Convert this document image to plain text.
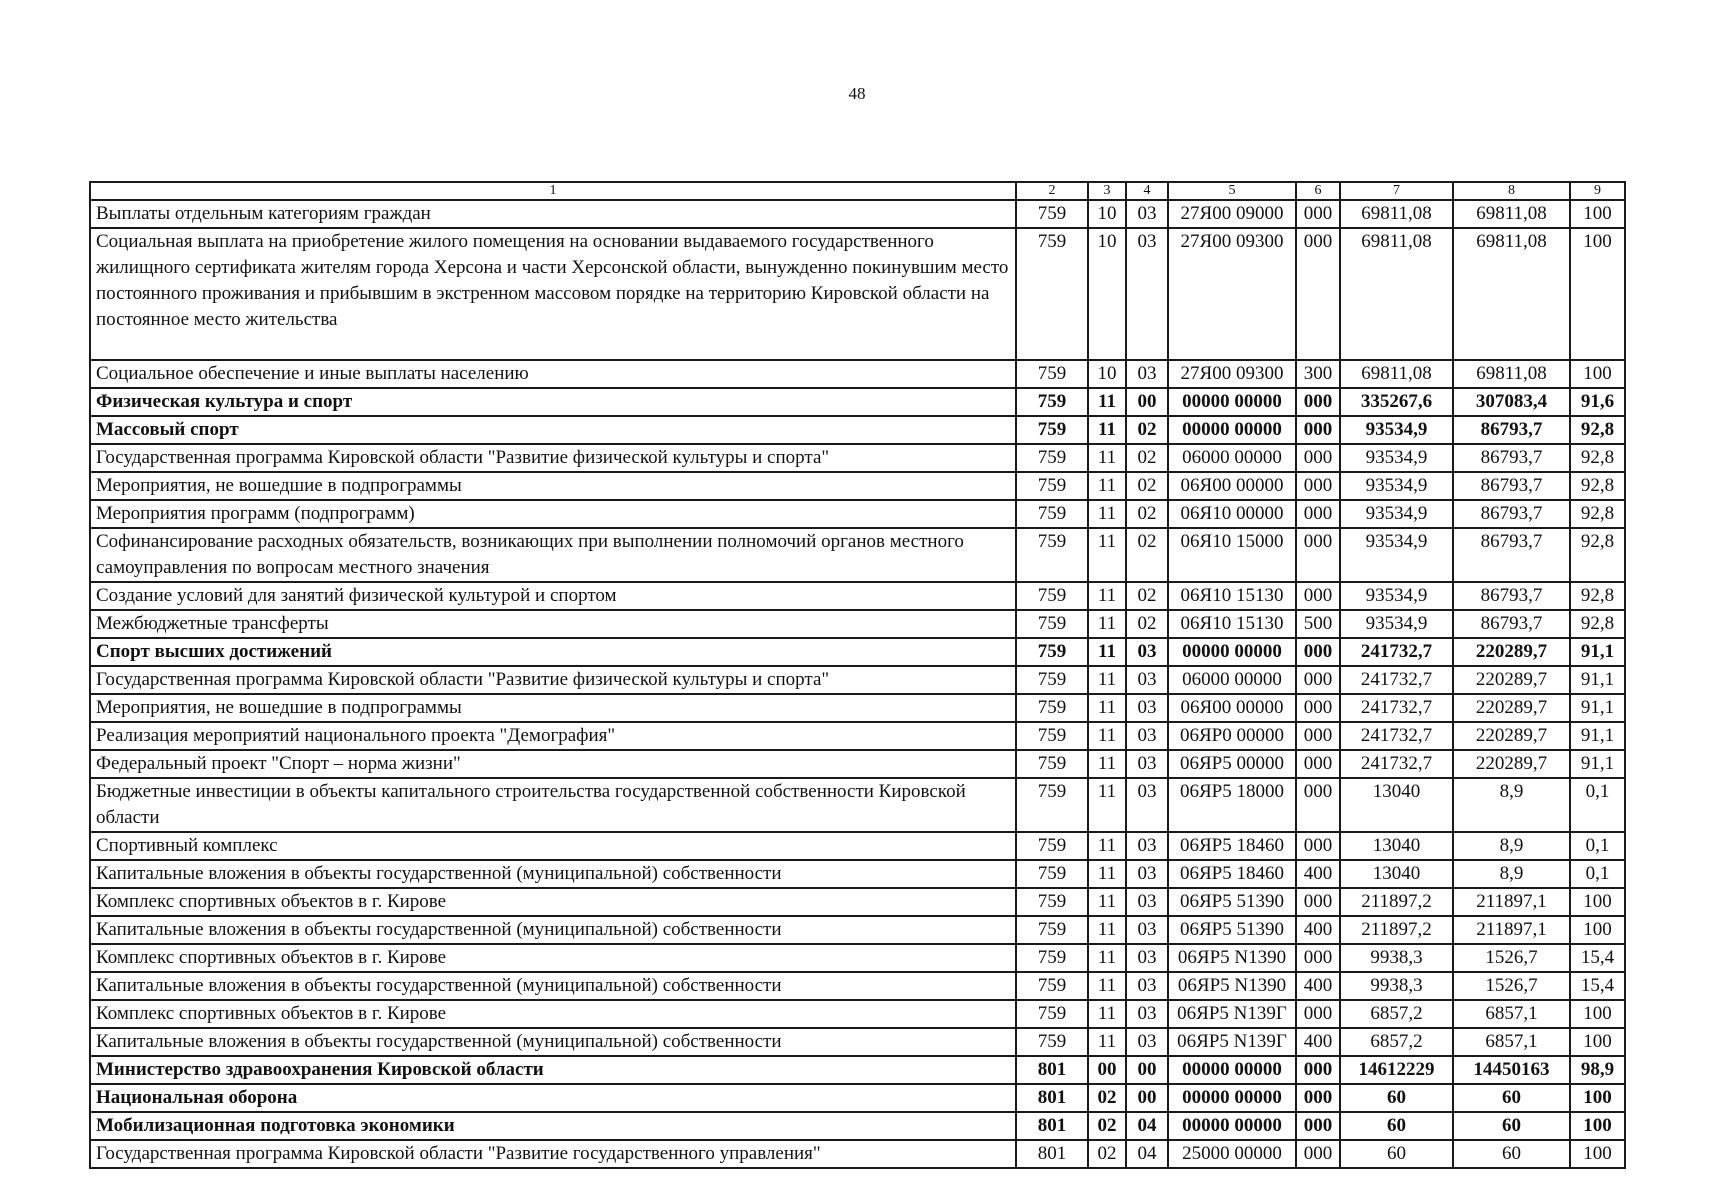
48
1	2	3	4	5	6	7	8	9
Выплаты отдельным категориям граждан	759	10	03	27Я00 09000	000	69811,08	69811,08	100
Социальная выплата на приобретение жилого помещения на основании выдаваемого государственного жилищного сертификата жителям города Херсона и части Херсонской области, вынужденно покинувшим место постоянного проживания и прибывшим в экстренном массовом порядке на территорию Кировской области на постоянное место жительства	759	10	03	27Я00 09300	000	69811,08	69811,08	100
Социальное обеспечение и иные выплаты населению	759	10	03	27Я00 09300	300	69811,08	69811,08	100
Физическая культура и спорт	759	11	00	00000 00000	000	335267,6	307083,4	91,6
Массовый спорт	759	11	02	00000 00000	000	93534,9	86793,7	92,8
Государственная программа Кировской области "Развитие физической культуры и спорта"	759	11	02	06000 00000	000	93534,9	86793,7	92,8
Мероприятия, не вошедшие в подпрограммы	759	11	02	06Я00 00000	000	93534,9	86793,7	92,8
Мероприятия программ (подпрограмм)	759	11	02	06Я10 00000	000	93534,9	86793,7	92,8
Софинансирование расходных обязательств, возникающих при выполнении полномочий органов местного самоуправления по вопросам местного значения	759	11	02	06Я10 15000	000	93534,9	86793,7	92,8
Создание условий для занятий физической культурой и спортом	759	11	02	06Я10 15130	000	93534,9	86793,7	92,8
Межбюджетные трансферты	759	11	02	06Я10 15130	500	93534,9	86793,7	92,8
Спорт высших достижений	759	11	03	00000 00000	000	241732,7	220289,7	91,1
Государственная программа Кировской области "Развитие физической культуры и спорта"	759	11	03	06000 00000	000	241732,7	220289,7	91,1
Мероприятия, не вошедшие в подпрограммы	759	11	03	06Я00 00000	000	241732,7	220289,7	91,1
Реализация мероприятий национального проекта "Демография"	759	11	03	06ЯР0 00000	000	241732,7	220289,7	91,1
Федеральный проект "Спорт – норма жизни"	759	11	03	06ЯР5 00000	000	241732,7	220289,7	91,1
Бюджетные инвестиции в объекты капитального строительства государственной собственности Кировской области	759	11	03	06ЯР5 18000	000	13040	8,9	0,1
Спортивный комплекс	759	11	03	06ЯР5 18460	000	13040	8,9	0,1
Капитальные вложения в объекты государственной (муниципальной) собственности	759	11	03	06ЯР5 18460	400	13040	8,9	0,1
Комплекс спортивных объектов в г. Кирове	759	11	03	06ЯР5 51390	000	211897,2	211897,1	100
Капитальные вложения в объекты государственной (муниципальной) собственности	759	11	03	06ЯР5 51390	400	211897,2	211897,1	100
Комплекс спортивных объектов в г. Кирове	759	11	03	06ЯР5 N1390	000	9938,3	1526,7	15,4
Капитальные вложения в объекты государственной (муниципальной) собственности	759	11	03	06ЯР5 N1390	400	9938,3	1526,7	15,4
Комплекс спортивных объектов в г. Кирове	759	11	03	06ЯР5 N139Г	000	6857,2	6857,1	100
Капитальные вложения в объекты государственной (муниципальной) собственности	759	11	03	06ЯР5 N139Г	400	6857,2	6857,1	100
Министерство здравоохранения Кировской области	801	00	00	00000 00000	000	14612229	14450163	98,9
Национальная оборона	801	02	00	00000 00000	000	60	60	100
Мобилизационная подготовка экономики	801	02	04	00000 00000	000	60	60	100
Государственная программа Кировской области "Развитие государственного управления"	801	02	04	25000 00000	000	60	60	100
